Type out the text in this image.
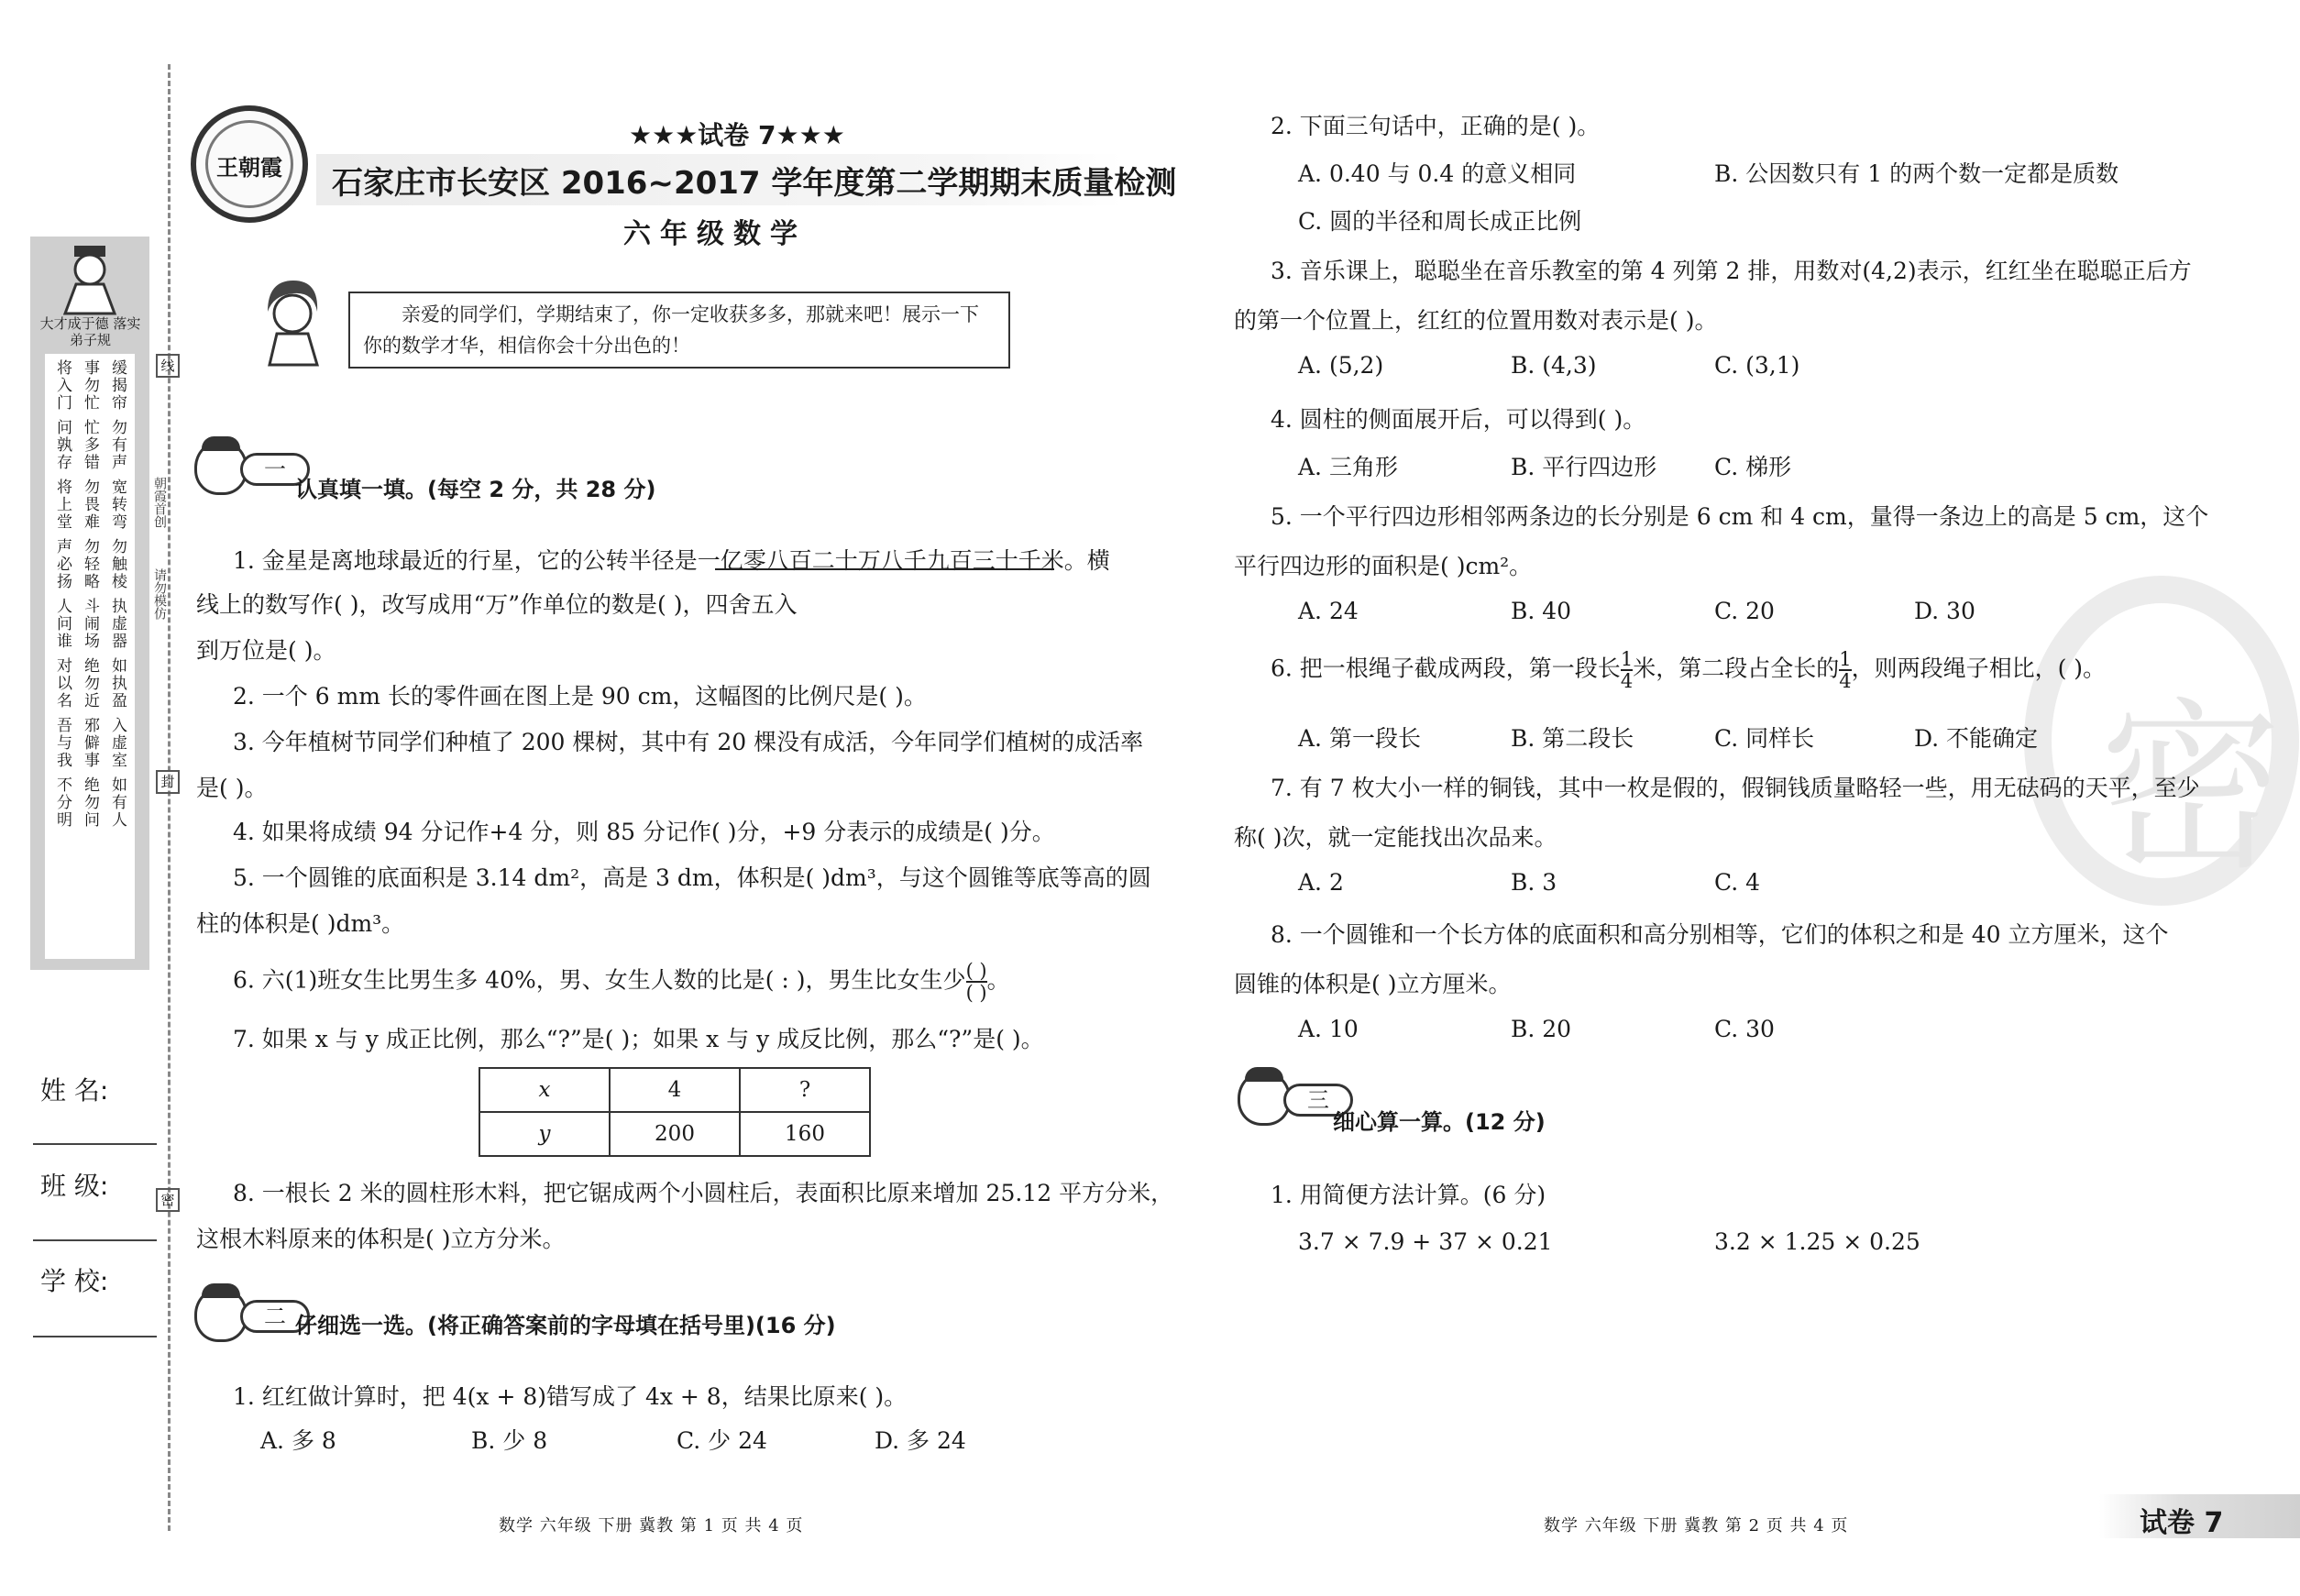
线
封
密
朝霞首创
请勿模仿
大才成于德 落实弟子规
将入门 事勿忙 缓揭帘
问孰存 忙多错 勿有声
将上堂 勿畏难 宽转弯
声必扬 勿轻略 勿触棱
人问谁 斗闹场 执虚器
对以名 绝勿近 如执盈
吾与我 邪僻事 入虚室
不分明 绝勿问 如有人
姓 名:
班 级:
学 校:
王朝霞
★★★试卷 7★★★
石家庄市长安区 2016~2017 学年度第二学期期末质量检测
六年级数学
亲爱的同学们，学期结束了，你一定收获多多，那就来吧！展示一下
你的数学才华，相信你会十分出色的！
一
认真填一填。(每空 2 分，共 28 分)
1. 金星是离地球最近的行星，它的公转半径是一亿零八百二十万八千九百三十千米。横
线上的数写作( )，改写成用“万”作单位的数是( )，四舍五入
到万位是( )。
2. 一个 6 mm 长的零件画在图上是 90 cm，这幅图的比例尺是( )。
3. 今年植树节同学们种植了 200 棵树，其中有 20 棵没有成活，今年同学们植树的成活率
是( )。
4. 如果将成绩 94 分记作+4 分，则 85 分记作( )分，+9 分表示的成绩是( )分。
5. 一个圆锥的底面积是 3.14 dm²，高是 3 dm，体积是( )dm³，与这个圆锥等底等高的圆
柱的体积是( )dm³。
6. 六(1)班女生比男生多 40%，男、女生人数的比是( : )，男生比女生少 $\frac{( )}{( )}$ 。
7. 如果 x 与 y 成正比例，那么“?”是( )；如果 x 与 y 成反比例，那么“?”是( )。
x	4	?
y	200	160
8. 一根长 2 米的圆柱形木料，把它锯成两个小圆柱后，表面积比原来增加 25.12 平方分米，
这根木料原来的体积是( )立方分米。
二 仔细选一选。(将正确答案前的字母填在括号里)(16 分)
1. 红红做计算时，把 4(x + 8)错写成了 4x + 8，结果比原来( )。
A. 多 8	B. 少 8	C. 少 24	D. 多 24
数学 六年级 下册 冀教 第 1 页 共 4 页
密
2. 下面三句话中，正确的是( )。
A. 0.40 与 0.4 的意义相同	B. 公因数只有 1 的两个数一定都是质数
C. 圆的半径和周长成正比例
3. 音乐课上，聪聪坐在音乐教室的第 4 列第 2 排，用数对(4,2)表示，红红坐在聪聪正后方
的第一个位置上，红红的位置用数对表示是( )。
A. (5,2)	B. (4,3)	C. (3,1)
4. 圆柱的侧面展开后，可以得到( )。
A. 三角形	B. 平行四边形	C. 梯形
5. 一个平行四边形相邻两条边的长分别是 6 cm 和 4 cm，量得一条边上的高是 5 cm，这个
平行四边形的面积是( )cm²。
A. 24	B. 40	C. 20	D. 30
6. 把一根绳子截成两段，第一段长 $\frac{1}{4}$ 米，第二段占全长的 $\frac{1}{4}$ ，则两段绳子相比，( )。
A. 第一段长	B. 第二段长	C. 同样长	D. 不能确定
7. 有 7 枚大小一样的铜钱，其中一枚是假的，假铜钱质量略轻一些，用无砝码的天平，至少
称( )次，就一定能找出次品来。
A. 2	B. 3	C. 4
8. 一个圆锥和一个长方体的底面积和高分别相等，它们的体积之和是 40 立方厘米，这个
圆锥的体积是( )立方厘米。
A. 10	B. 20	C. 30
三
细心算一算。(12 分)
1. 用简便方法计算。(6 分)
3.7 × 7.9 + 37 × 0.21	3.2 × 1.25 × 0.25
数学 六年级 下册 冀教 第 2 页 共 4 页	试卷 7
